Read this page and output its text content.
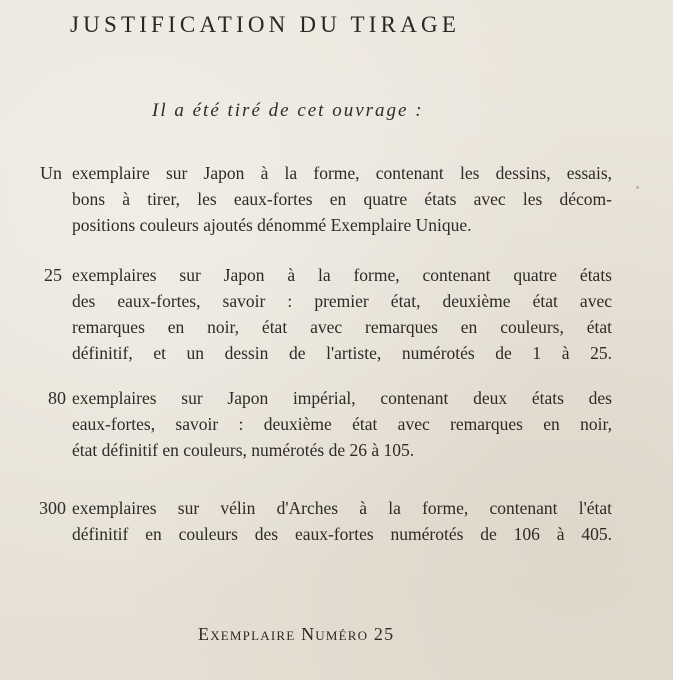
JUSTIFICATION DU TIRAGE
Il a été tiré de cet ouvrage :
Un exemplaire sur Japon à la forme, contenant les dessins, essais,
bons à tirer, les eaux-fortes en quatre états avec les décom-
positions couleurs ajoutés dénommé Exemplaire Unique.
25 exemplaires sur Japon à la forme, contenant quatre états
des eaux-fortes, savoir : premier état, deuxième état avec
remarques en noir, état avec remarques en couleurs, état
définitif, et un dessin de l'artiste, numérotés de 1 à 25.
80 exemplaires sur Japon impérial, contenant deux états des
eaux-fortes, savoir : deuxième état avec remarques en noir,
état définitif en couleurs, numérotés de 26 à 105.
300 exemplaires sur vélin d'Arches à la forme, contenant l'état
définitif en couleurs des eaux-fortes numérotés de 106 à 405.
Exemplaire Numéro 25
